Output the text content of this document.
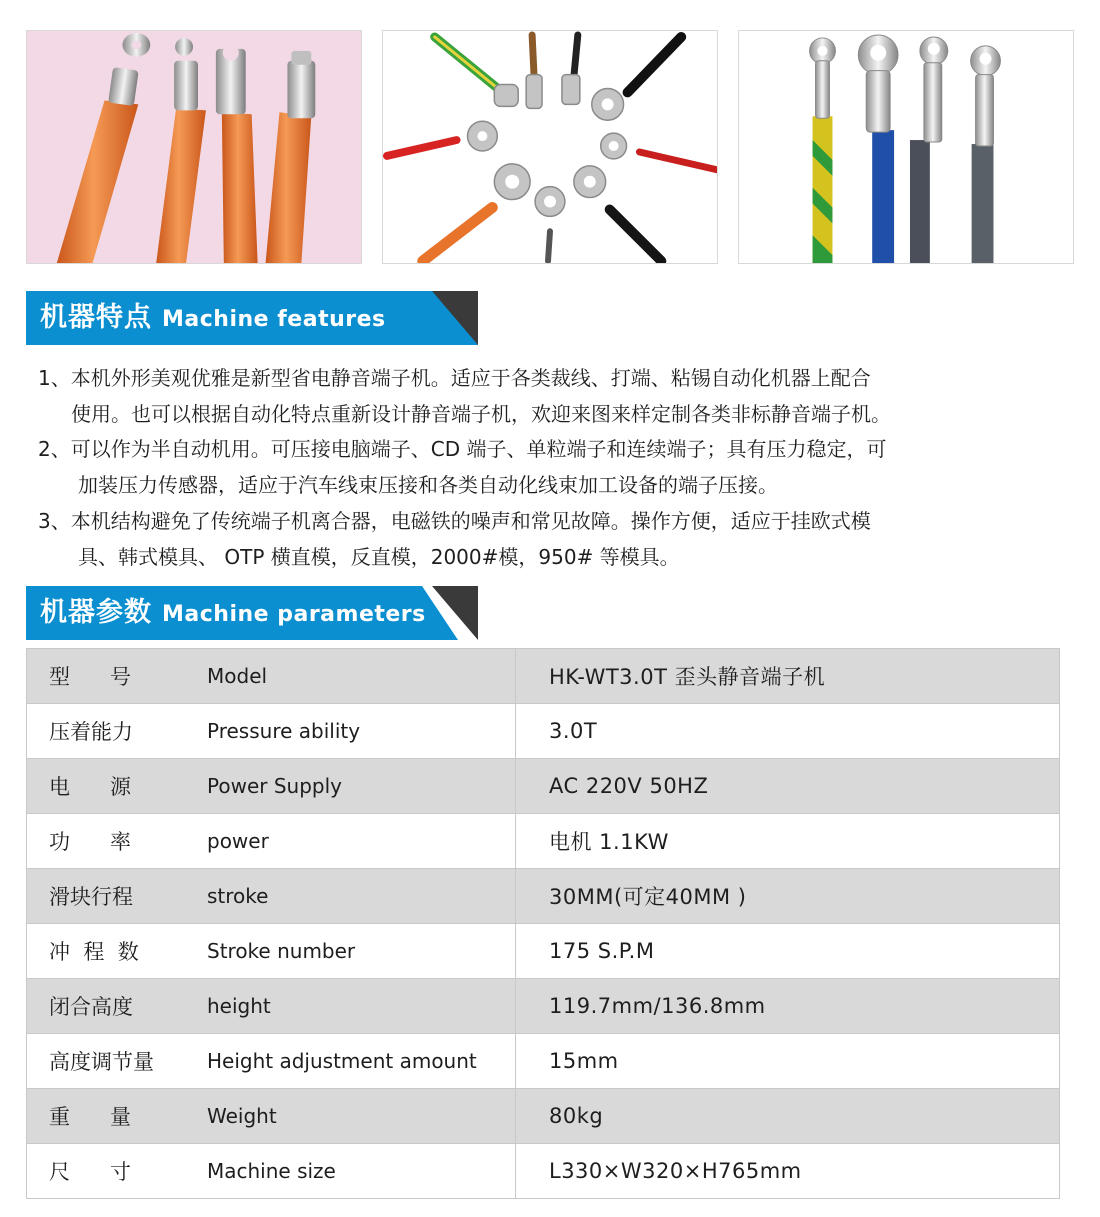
机器特点 Machine features
1、本机外形美观优雅是新型省电静音端子机。适应于各类裁线、打端、粘锡自动化机器上配合
使用。也可以根据自动化特点重新设计静音端子机，欢迎来图来样定制各类非标静音端子机。
2、可以作为半自动机用。可压接电脑端子、CD 端子、单粒端子和连续端子；具有压力稳定，可
加装压力传感器，适应于汽车线束压接和各类自动化线束加工设备的端子压接。
3、本机结构避免了传统端子机离合器，电磁铁的噪声和常见故障。操作方便，适应于挂欧式模
具、韩式模具、 OTP 横直模，反直模，2000#模，950# 等模具。
机器参数 Machine parameters
型      号 Model	HK-WT3.0T 歪头静音端子机

压着能力 Pressure ability	3.0T

电      源 Power Supply	AC 220V 50HZ

功      率 power	电机 1.1KW

滑块行程 stroke	30MM(可定40MM )

冲  程  数 Stroke number	175 S.P.M

闭合高度 height	119.7mm/136.8mm

高度调节量 Height adjustment amount	15mm

重      量 Weight	80kg

尺      寸 Machine size	L330×W320×H765mm
